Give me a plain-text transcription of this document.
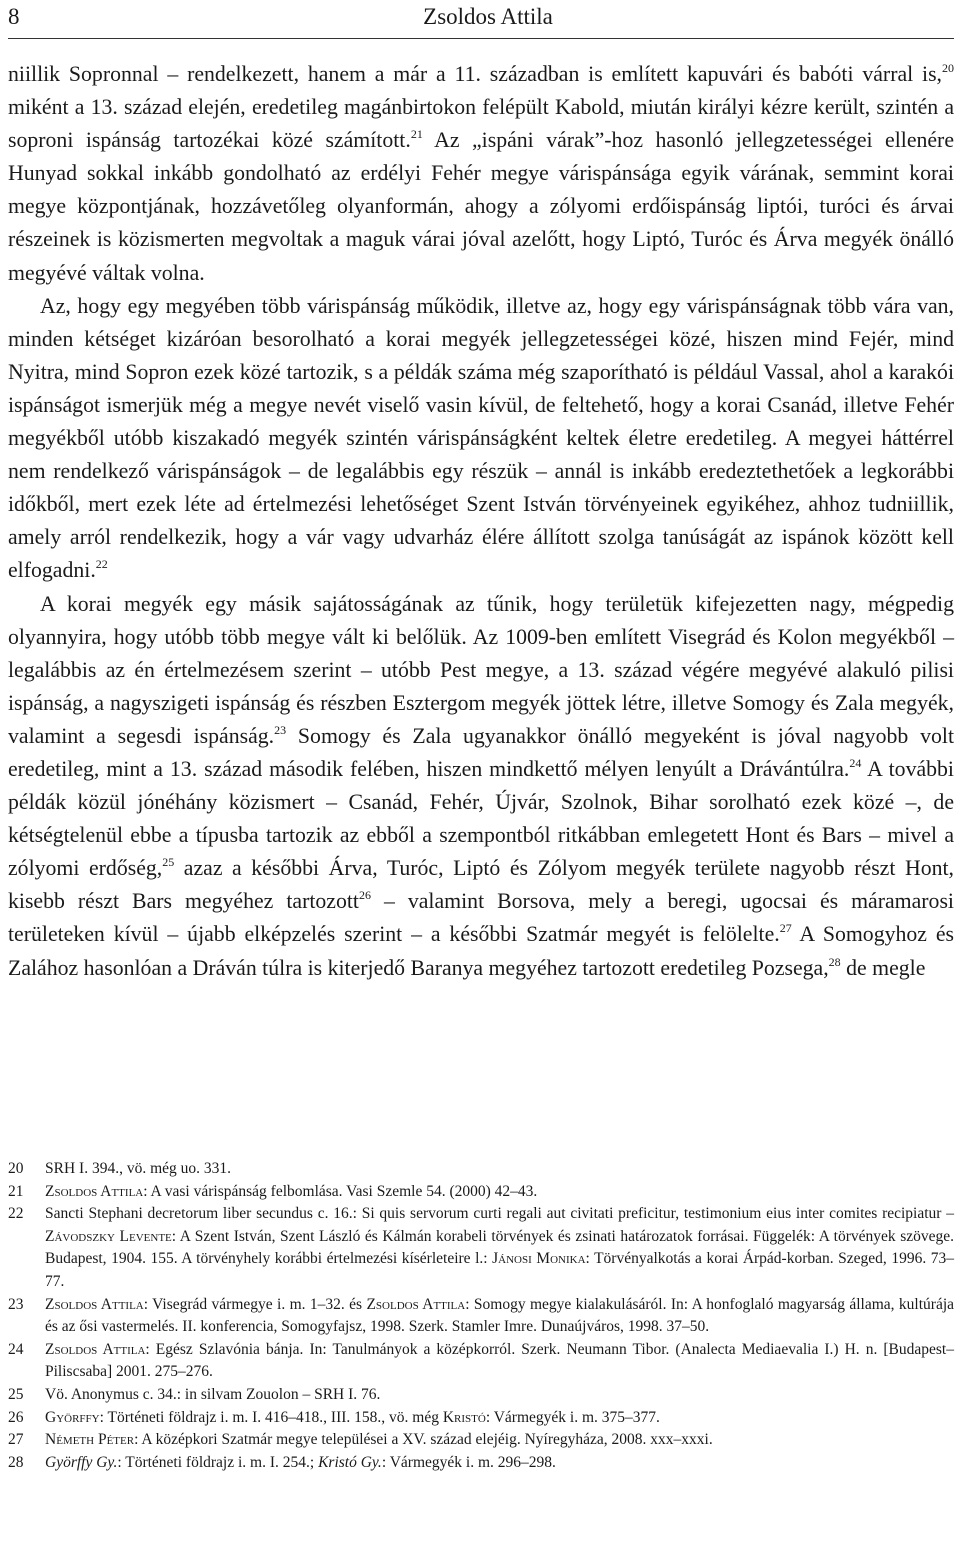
8	Zsoldos Attila

niillik Sopronnal – rendelkezett, hanem a már a 11. században is említett kapuvári és babóti várral is,$^{20}$ miként a 13. század elején, eredetileg magánbirtokon felépült Kabold, miután királyi kézre került, szintén a soproni ispánság tartozékai közé számított.$^{21}$ Az „ispáni várak”-hoz hasonló jellegzetességei ellenére Hunyad sokkal inkább gondolható az erdélyi Fehér megye várispánsága egyik várának, semmint korai megye központjának, hozzávetőleg olyanformán, ahogy a zólyomi erdőispánság liptói, turóci és árvai részeinek is közismerten megvoltak a maguk várai jóval azelőtt, hogy Liptó, Turóc és Árva megyék önálló megyévé váltak volna.

Az, hogy egy megyében több várispánság működik, illetve az, hogy egy várispánságnak több vára van, minden kétséget kizáróan besorolható a korai megyék jellegzetességei közé, hiszen mind Fejér, mind Nyitra, mind Sopron ezek közé tartozik, s a példák száma még szaporítható is például Vassal, ahol a karakói ispánságot ismerjük még a megye nevét viselő vasin kívül, de feltehető, hogy a korai Csanád, illetve Fehér megyékből utóbb kiszakadó megyék szintén várispánságként keltek életre eredetileg. A megyei háttérrel nem rendelkező várispánságok – de legalábbis egy részük – annál is inkább eredeztethetőek a legkorábbi időkből, mert ezek léte ad értelmezési lehetőséget Szent István törvényeinek egyikéhez, ahhoz tudniillik, amely arról rendelkezik, hogy a vár vagy udvarház élére állított szolga tanúságát az ispánok között kell elfogadni.$^{22}$

A korai megyék egy másik sajátosságának az tűnik, hogy területük kifejezetten nagy, mégpedig olyannyira, hogy utóbb több megye vált ki belőlük. Az 1009-ben említett Visegrád és Kolon megyékből – legalábbis az én értelmezésem szerint – utóbb Pest megye, a 13. század végére megyévé alakuló pilisi ispánság, a nagyszigeti ispánság és részben Esztergom megyék jöttek létre, illetve Somogy és Zala megyék, valamint a segesdi ispánság.$^{23}$ Somogy és Zala ugyanakkor önálló megyeként is jóval nagyobb volt eredetileg, mint a 13. század második felében, hiszen mindkettő mélyen lenyúlt a Drávántúlra.$^{24}$ A további példák közül jónéhány közismert – Csanád, Fehér, Újvár, Szolnok, Bihar sorolható ezek közé –, de kétségtelenül ebbe a típusba tartozik az ebből a szempontból ritkábban emlegetett Hont és Bars – mivel a zólyomi erdőség,$^{25}$ azaz a későbbi Árva, Turóc, Liptó és Zólyom megyék területe nagyobb részt Hont, kisebb részt Bars megyéhez tartozott$^{26}$ – valamint Borsova, mely a beregi, ugocsai és máramarosi területeken kívül – újabb elképzelés szerint – a későbbi Szatmár megyét is felölelte.$^{27}$ A Somogyhoz és Zalához hasonlóan a Dráván túlra is kiterjedő Baranya megyéhez tartozott eredetileg Pozsega,$^{28}$ de megle

20 SRH I. 394., vö. még uo. 331.
21 Zsoldos Attila: A vasi várispánság felbomlása. Vasi Szemle 54. (2000) 42–43.
22 Sancti Stephani decretorum liber secundus c. 16.: Si quis servorum curti regali aut civitati preficitur, testimonium eius inter comites recipiatur – Závodszky Levente: A Szent István, Szent László és Kálmán korabeli törvények és zsinati határozatok forrásai. Függelék: A törvények szövege. Budapest, 1904. 155. A törvényhely korábbi értelmezési kísérleteire l.: Jánosi Monika: Törvényalkotás a korai Árpád-korban. Szeged, 1996. 73–77.
23 Zsoldos Attila: Visegrád vármegye i. m. 1–32. és Zsoldos Attila: Somogy megye kialakulásáról. In: A honfoglaló magyarság állama, kultúrája és az ősi vastermelés. II. konferencia, Somogyfajsz, 1998. Szerk. Stamler Imre. Dunaújváros, 1998. 37–50.
24 Zsoldos Attila: Egész Szlavónia bánja. In: Tanulmányok a középkorról. Szerk. Neumann Tibor. (Analecta Mediaevalia I.) H. n. [Budapest–Piliscsaba] 2001. 275–276.
25 Vö. Anonymus c. 34.: in silvam Zouolon – SRH I. 76.
26 Györffy: Történeti földrajz i. m. I. 416–418., III. 158., vö. még Kristó: Vármegyék i. m. 375–377.
27 Németh Péter: A középkori Szatmár megye települései a XV. század elejéig. Nyíregyháza, 2008. xxx–xxxi.
28 Györffy Gy.: Történeti földrajz i. m. I. 254.; Kristó Gy.: Vármegyék i. m. 296–298.
